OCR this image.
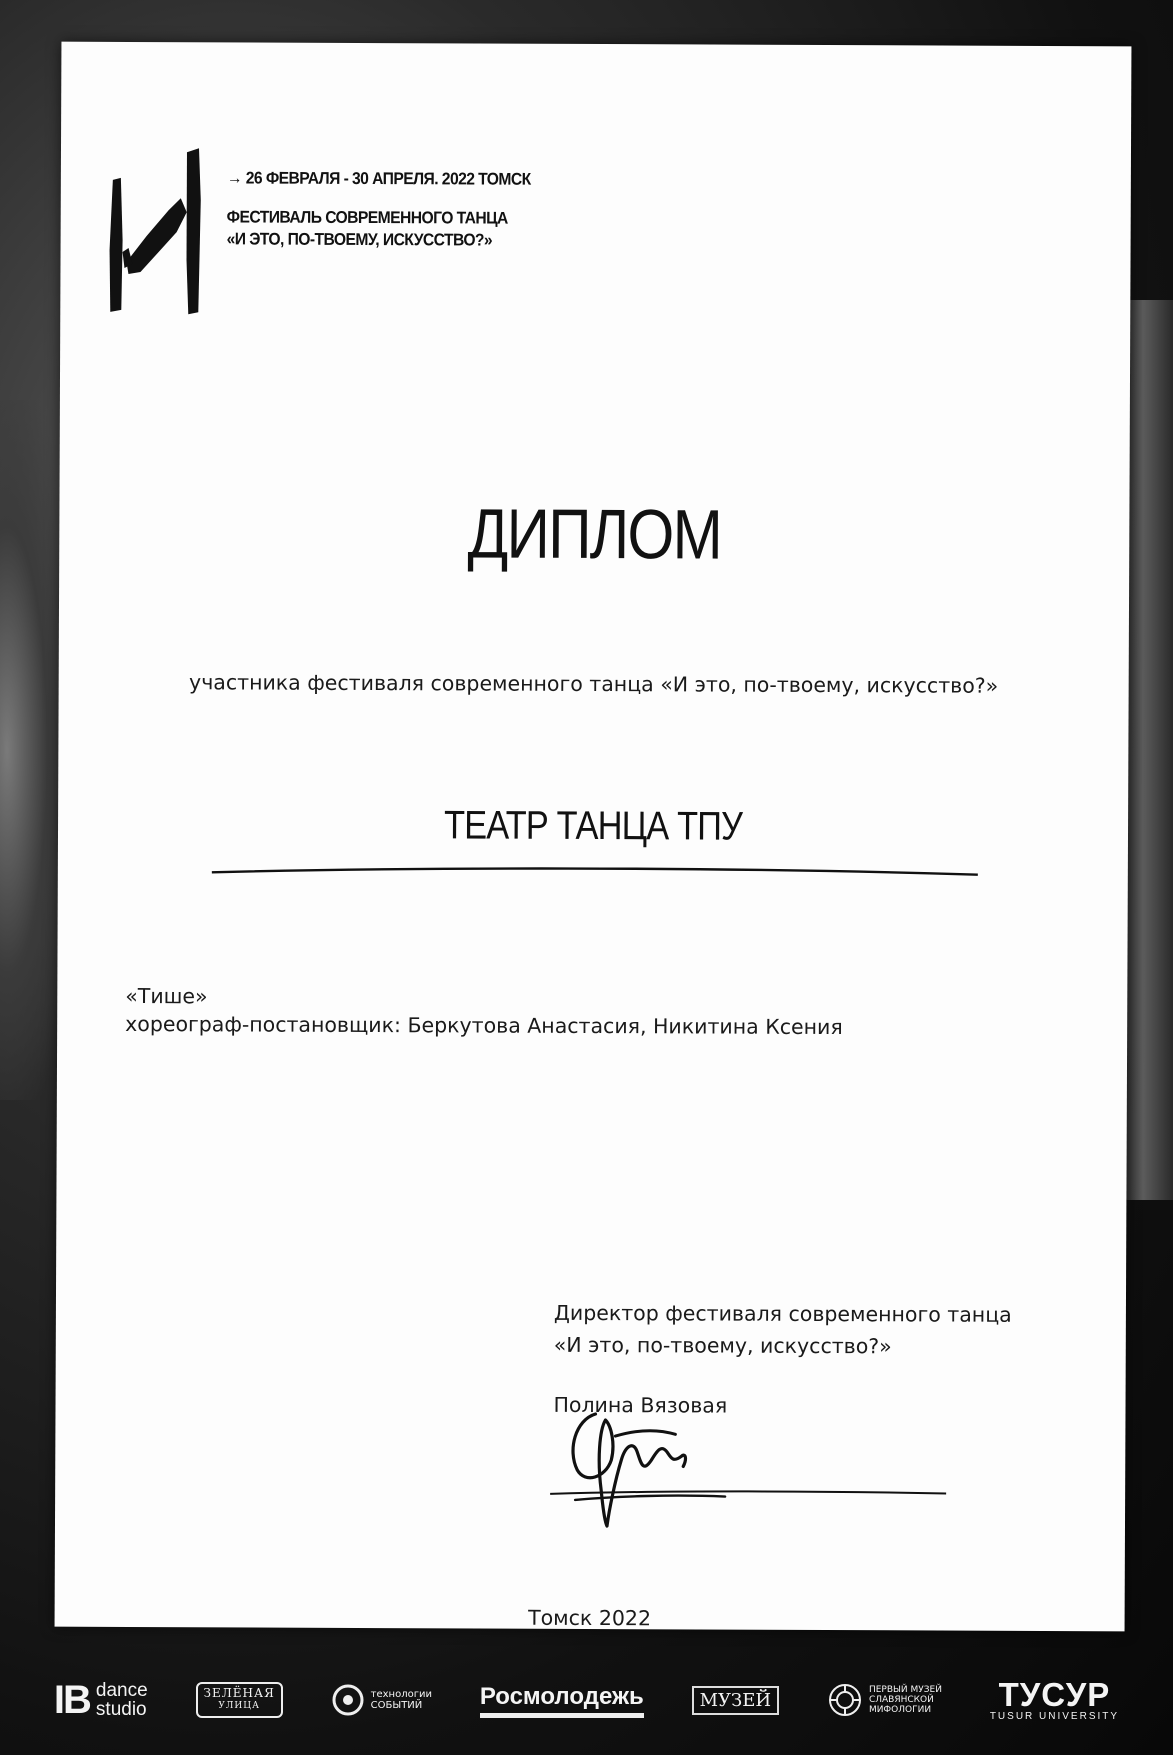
→ 26 ФЕВРАЛЯ - 30 АПРЕЛЯ. 2022 ТОМСК
ФЕСТИВАЛЬ СОВРЕМЕННОГО ТАНЦА
«И ЭТО, ПО-ТВОЕМУ, ИСКУССТВО?»
ДИПЛОМ
участника фестиваля современного танца «И это, по-твоему, искусство?»
ТЕАТР ТАНЦА ТПУ
«Тише»
хореограф-постановщик: Беркутова Анастасия, Никитина Ксения
Директор фестиваля современного танца
«И это, по-твоему, искусство?»
Полина Вязовая
Томск 2022
IB dance
studio
ЗЕЛЁНАЯ
УЛИЦА
технологии
СОБЫТИЙ	Росмолодежь	МУЗЕЙ	ПЕРВЫЙ МУЗЕЙ
СЛАВЯНСКОЙ
МИФОЛОГИИ	ТУСУР
TUSUR UNIVERSITY
